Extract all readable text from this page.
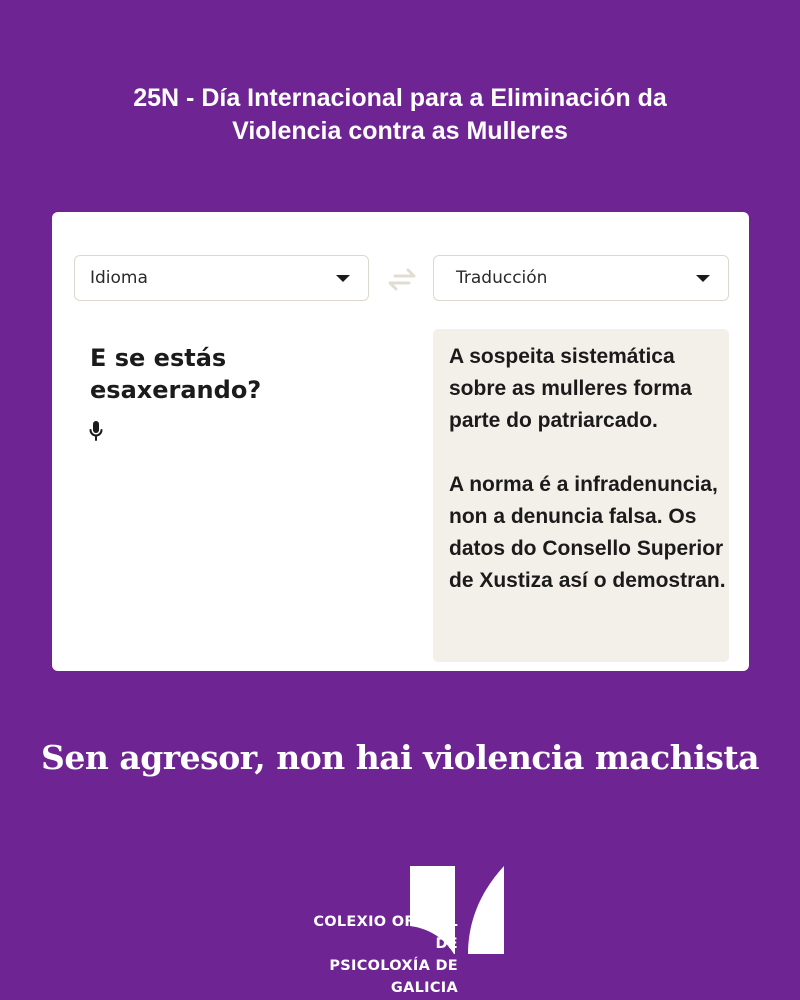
25N - Día Internacional para a Eliminación da
Violencia contra as Mulleres
Idioma	Traducción
E se estás esaxerando?

A sospeita sistemática sobre as mulleres forma parte do patriarcado.

A norma é a infradenuncia, non a denuncia falsa. Os datos do Consello Superior de Xustiza así o demostran.

Sen agresor, non hai violencia machista
COLEXIO OFICIAL DE
PSICOLOXÍA DE GALICIA
